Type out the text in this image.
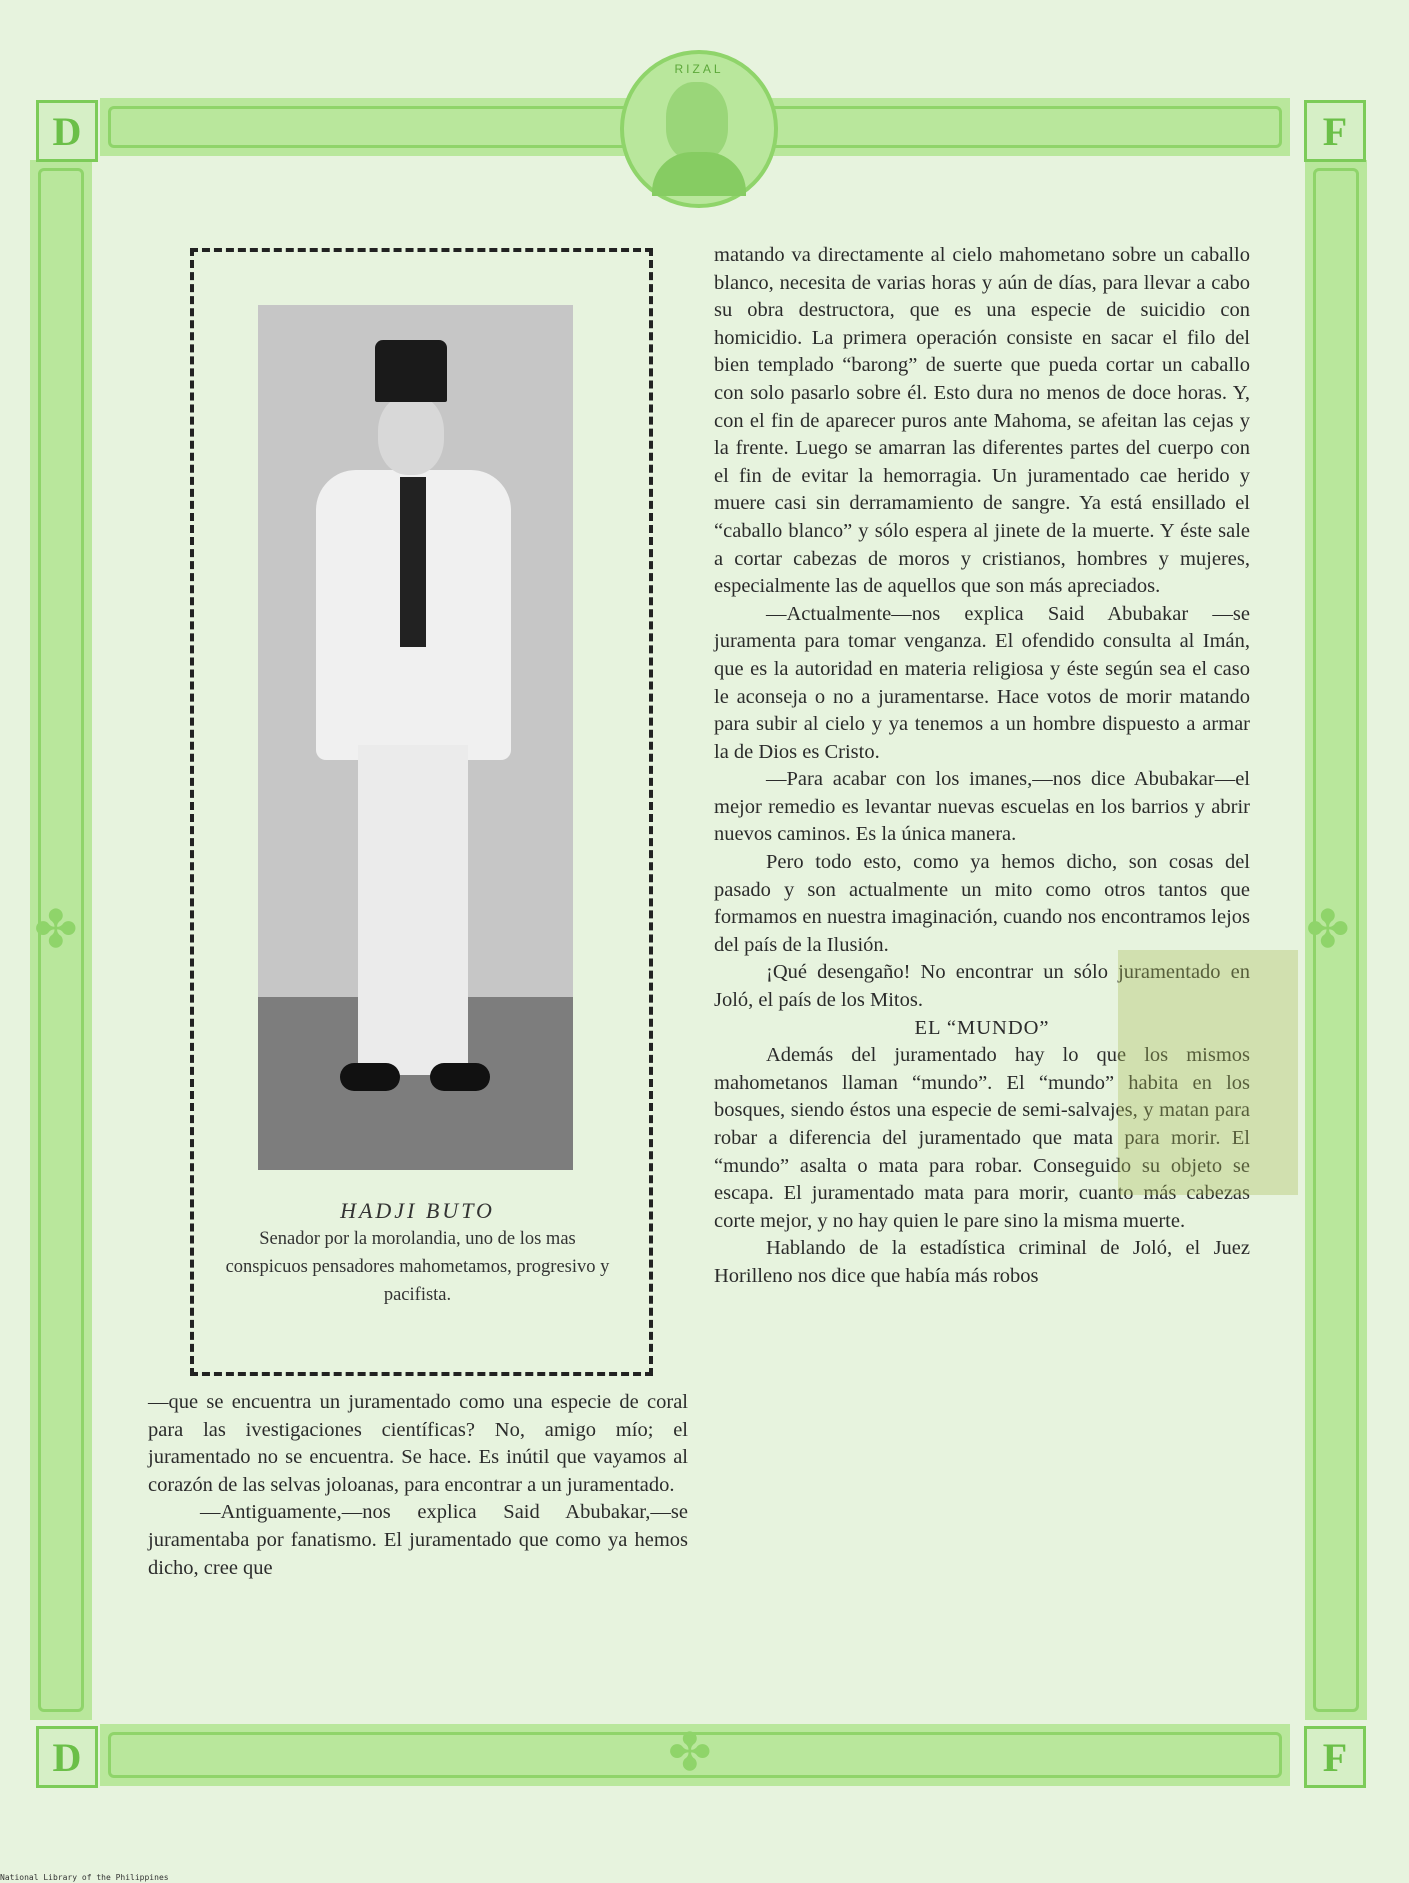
D	F
D	F
✤	✤
✤
RIZAL
HADJI BUTO
Senador por la morolandia, uno de los mas conspicuos pensadores mahometamos, progresivo y pacifista.

matando va directamente al cielo mahometano sobre un caballo blanco, necesita de varias horas y aún de días, para llevar a cabo su obra destructora, que es una especie de suicidio con homicidio. La primera operación consiste en sacar el filo del bien templado “barong” de suerte que pueda cortar un caballo con solo pasarlo sobre él. Esto dura no menos de doce horas. Y, con el fin de aparecer puros ante Mahoma, se afeitan las cejas y la frente. Luego se amarran las diferentes partes del cuerpo con el fin de evitar la hemorragia. Un juramentado cae herido y muere casi sin derramamiento de sangre. Ya está ensillado el “caballo blanco” y sólo espera al jinete de la muerte. Y éste sale a cortar cabezas de moros y cristianos, hombres y mujeres, especialmente las de aquellos que son más apreciados.

—Actualmente—nos explica Said Abubakar —se juramenta para tomar venganza. El ofendido consulta al Imán, que es la autoridad en materia religiosa y éste según sea el caso le aconseja o no a juramentarse. Hace votos de morir matando para subir al cielo y ya tenemos a un hombre dispuesto a armar la de Dios es Cristo.

—Para acabar con los imanes,—nos dice Abubakar—el mejor remedio es levantar nuevas escuelas en los barrios y abrir nuevos caminos. Es la única manera.

Pero todo esto, como ya hemos dicho, son cosas del pasado y son actualmente un mito como otros tantos que formamos en nuestra imaginación, cuando nos encontramos lejos del país de la Ilusión.

¡Qué desengaño! No encontrar un sólo juramentado en Joló, el país de los Mitos.

EL “MUNDO”

Además del juramentado hay lo que los mismos mahometanos llaman “mundo”. El “mundo” habita en los bosques, siendo éstos una especie de semi-salvajes, y matan para robar a diferencia del juramentado que mata para morir. El “mundo” asalta o mata para robar. Conseguido su objeto se escapa. El juramentado mata para morir, cuanto más cabezas corte mejor, y no hay quien le pare sino la misma muerte.

Hablando de la estadística criminal de Joló, el Juez Horilleno nos dice que había más robos

—que se encuentra un juramentado como una especie de coral para las ivestigaciones científicas? No, amigo mío; el juramentado no se encuentra. Se hace. Es inútil que vayamos al corazón de las selvas joloanas, para encontrar a un juramentado.

—Antiguamente,—nos explica Said Abubakar,—se juramentaba por fanatismo. El juramentado que como ya hemos dicho, cree que

National Library of the Philippines
